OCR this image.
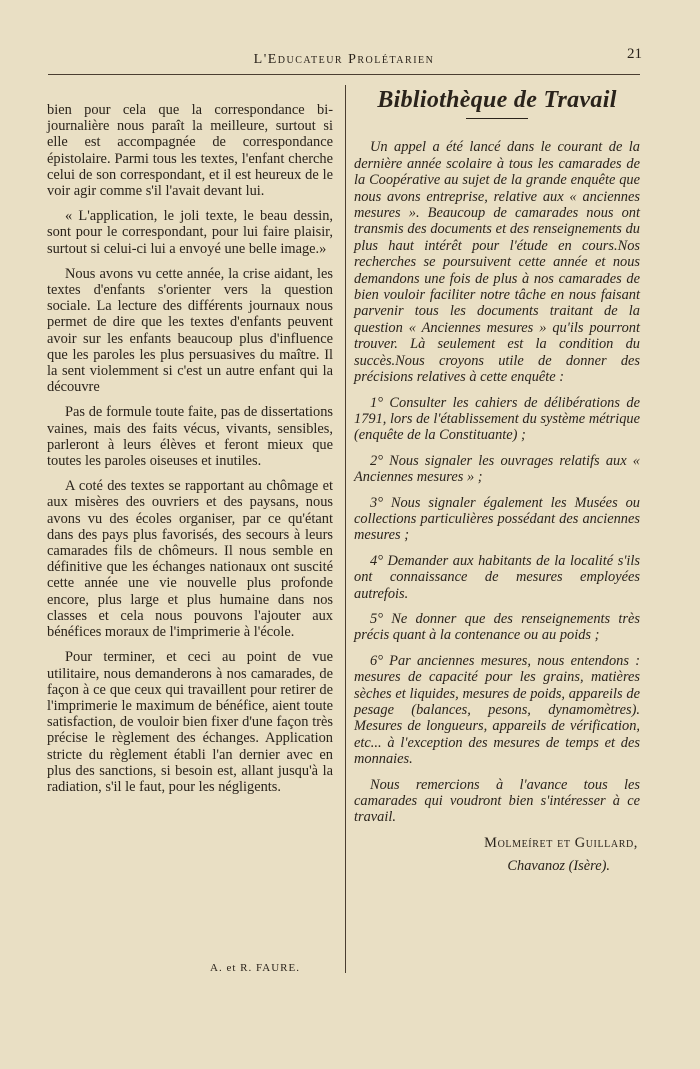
L'Educateur Prolétarien	21

bien pour cela que la correspondance bi-journalière nous paraît la meilleure, surtout si elle est accompagnée de correspondance épistolaire. Parmi tous les textes, l'enfant cherche celui de son correspondant, et il est heureux de le voir agir comme s'il l'avait devant lui.

« L'application, le joli texte, le beau dessin, sont pour le correspondant, pour lui faire plaisir, surtout si celui-ci lui a envoyé une belle image.»

Nous avons vu cette année, la crise aidant, les textes d'enfants s'orienter vers la question sociale. La lecture des différents journaux nous permet de dire que les textes d'enfants peuvent avoir sur les enfants beaucoup plus d'influence que les paroles les plus persuasives du maître. Il la sent violemment si c'est un autre enfant qui la découvre

Pas de formule toute faite, pas de dissertations vaines, mais des faits vécus, vivants, sensibles, parleront à leurs élèves et feront mieux que toutes les paroles oiseuses et inutiles.

A coté des textes se rapportant au chômage et aux misères des ouvriers et des paysans, nous avons vu des écoles organiser, par ce qu'étant dans des pays plus favorisés, des secours à leurs camarades fils de chômeurs. Il nous semble en définitive que les échanges nationaux ont suscité cette année une vie nouvelle plus profonde encore, plus large et plus humaine dans nos classes et cela nous pouvons l'ajouter aux bénéfices moraux de l'imprimerie à l'école.

Pour terminer, et ceci au point de vue utilitaire, nous demanderons à nos camarades, de façon à ce que ceux qui travaillent pour retirer de l'imprimerie le maximum de bénéfice, aient toute satisfaction, de vouloir bien fixer d'une façon très précise le règlement des échanges. Application stricte du règlement établi l'an dernier avec en plus des sanctions, si besoin est, allant jusqu'à la radiation, s'il le faut, pour les négligents.

A. et R. FAURE.
Bibliothèque de Travail

Un appel a été lancé dans le courant de la dernière année scolaire à tous les camarades de la Coopérative au sujet de la grande enquête que nous avons entreprise, relative aux « anciennes mesures ». Beaucoup de camarades nous ont transmis des documents et des renseignements du plus haut intérêt pour l'étude en cours.Nos recherches se poursuivent cette année et nous demandons une fois de plus à nos camarades de bien vouloir faciliter notre tâche en nous faisant parvenir tous les documents traitant de la question « Anciennes mesures » qu'ils pourront trouver. Là seulement est la condition du succès.Nous croyons utile de donner des précisions relatives à cette enquête :

1° Consulter les cahiers de délibérations de 1791, lors de l'établissement du système métrique (enquête de la Constituante) ;

2° Nous signaler les ouvrages relatifs aux « Anciennes mesures » ;

3° Nous signaler également les Musées ou collections particulières possédant des anciennes mesures ;

4° Demander aux habitants de la localité s'ils ont connaissance de mesures employées autrefois.

5° Ne donner que des renseignements très précis quant à la contenance ou au poids ;

6° Par anciennes mesures, nous entendons : mesures de capacité pour les grains, matières sèches et liquides, mesures de poids, appareils de pesage (balances, pesons, dynamomètres). Mesures de longueurs, appareils de vérification, etc... à l'exception des mesures de temps et des monnaies.

Nous remercions à l'avance tous les camarades qui voudront bien s'intéresser à ce travail.

Molmeíret et Guillard,
Chavanoz (Isère).
